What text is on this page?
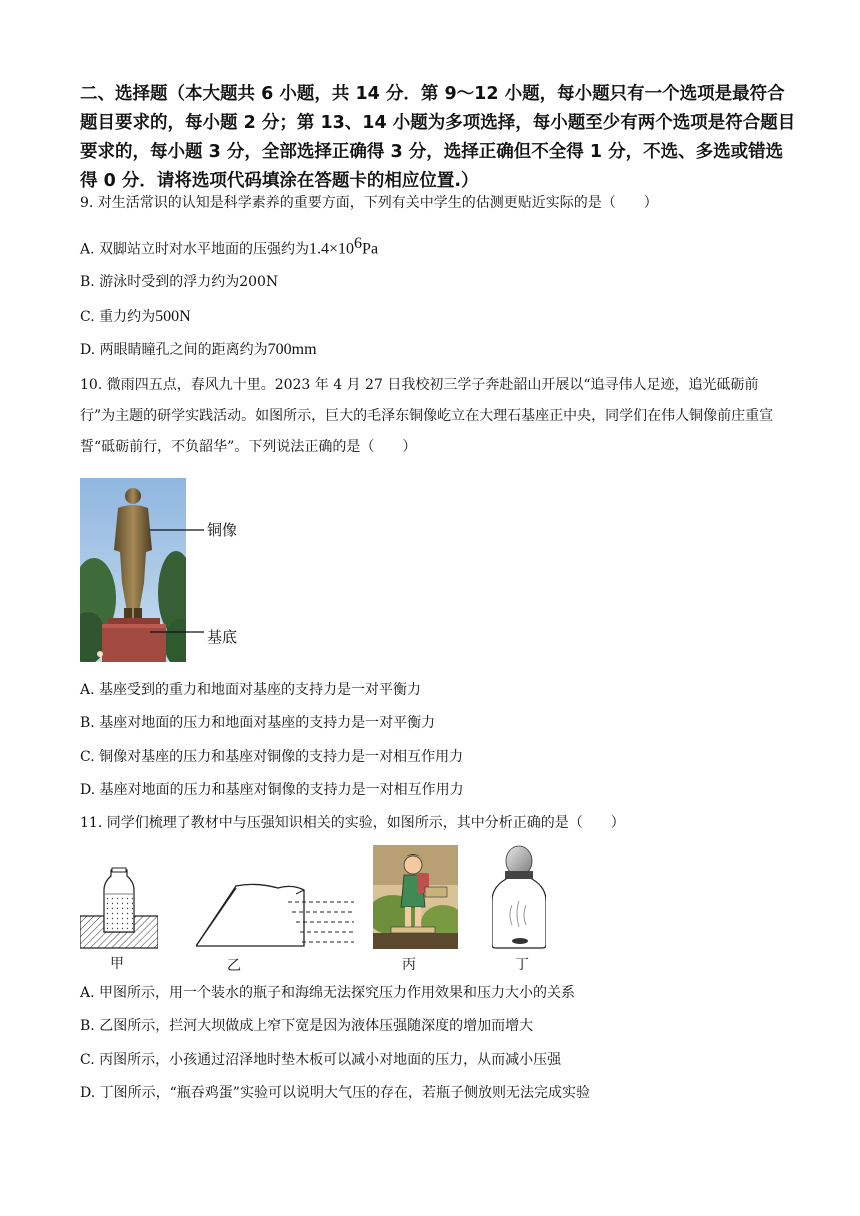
二、选择题（本大题共 6 小题，共 14 分．第 9～12 小题，每小题只有一个选项是最符合题目要求的，每小题 2 分；第 13、14 小题为多项选择，每小题至少有两个选项是符合题目要求的，每小题 3 分，全部选择正确得 3 分，选择正确但不全得 1 分，不选、多选或错选得 0 分．请将选项代码填涂在答题卡的相应位置.）
9. 对生活常识的认知是科学素养的重要方面，下列有关中学生的估测更贴近实际的是（　　）
A. 双脚站立时对水平地面的压强约为$1.4\times 10^6Pa$
B. 游泳时受到的浮力约为200N
C. 重力约为500N
D. 两眼睛瞳孔之间的距离约为700mm
10. 微雨四五点，春风九十里。2023 年 4 月 27 日我校初三学子奔赴韶山开展以“追寻伟人足迹，追光砥砺前行”为主题的研学实践活动。如图所示，巨大的毛泽东铜像屹立在大理石基座正中央，同学们在伟人铜像前庄重宣誓“砥砺前行，不负韶华”。下列说法正确的是（　　）
铜像
基底
A. 基座受到的重力和地面对基座的支持力是一对平衡力
B. 基座对地面的压力和地面对基座的支持力是一对平衡力
C. 铜像对基座的压力和基座对铜像的支持力是一对相互作用力
D. 基座对地面的压力和基座对铜像的支持力是一对相互作用力
11. 同学们梳理了教材中与压强知识相关的实验，如图所示，其中分析正确的是（　　）
甲	乙	丙	丁
A. 甲图所示，用一个装水的瓶子和海绵无法探究压力作用效果和压力大小的关系
B. 乙图所示，拦河大坝做成上窄下宽是因为液体压强随深度的增加而增大
C. 丙图所示，小孩通过沼泽地时垫木板可以减小对地面的压力，从而减小压强
D. 丁图所示，“瓶吞鸡蛋”实验可以说明大气压的存在，若瓶子侧放则无法完成实验
